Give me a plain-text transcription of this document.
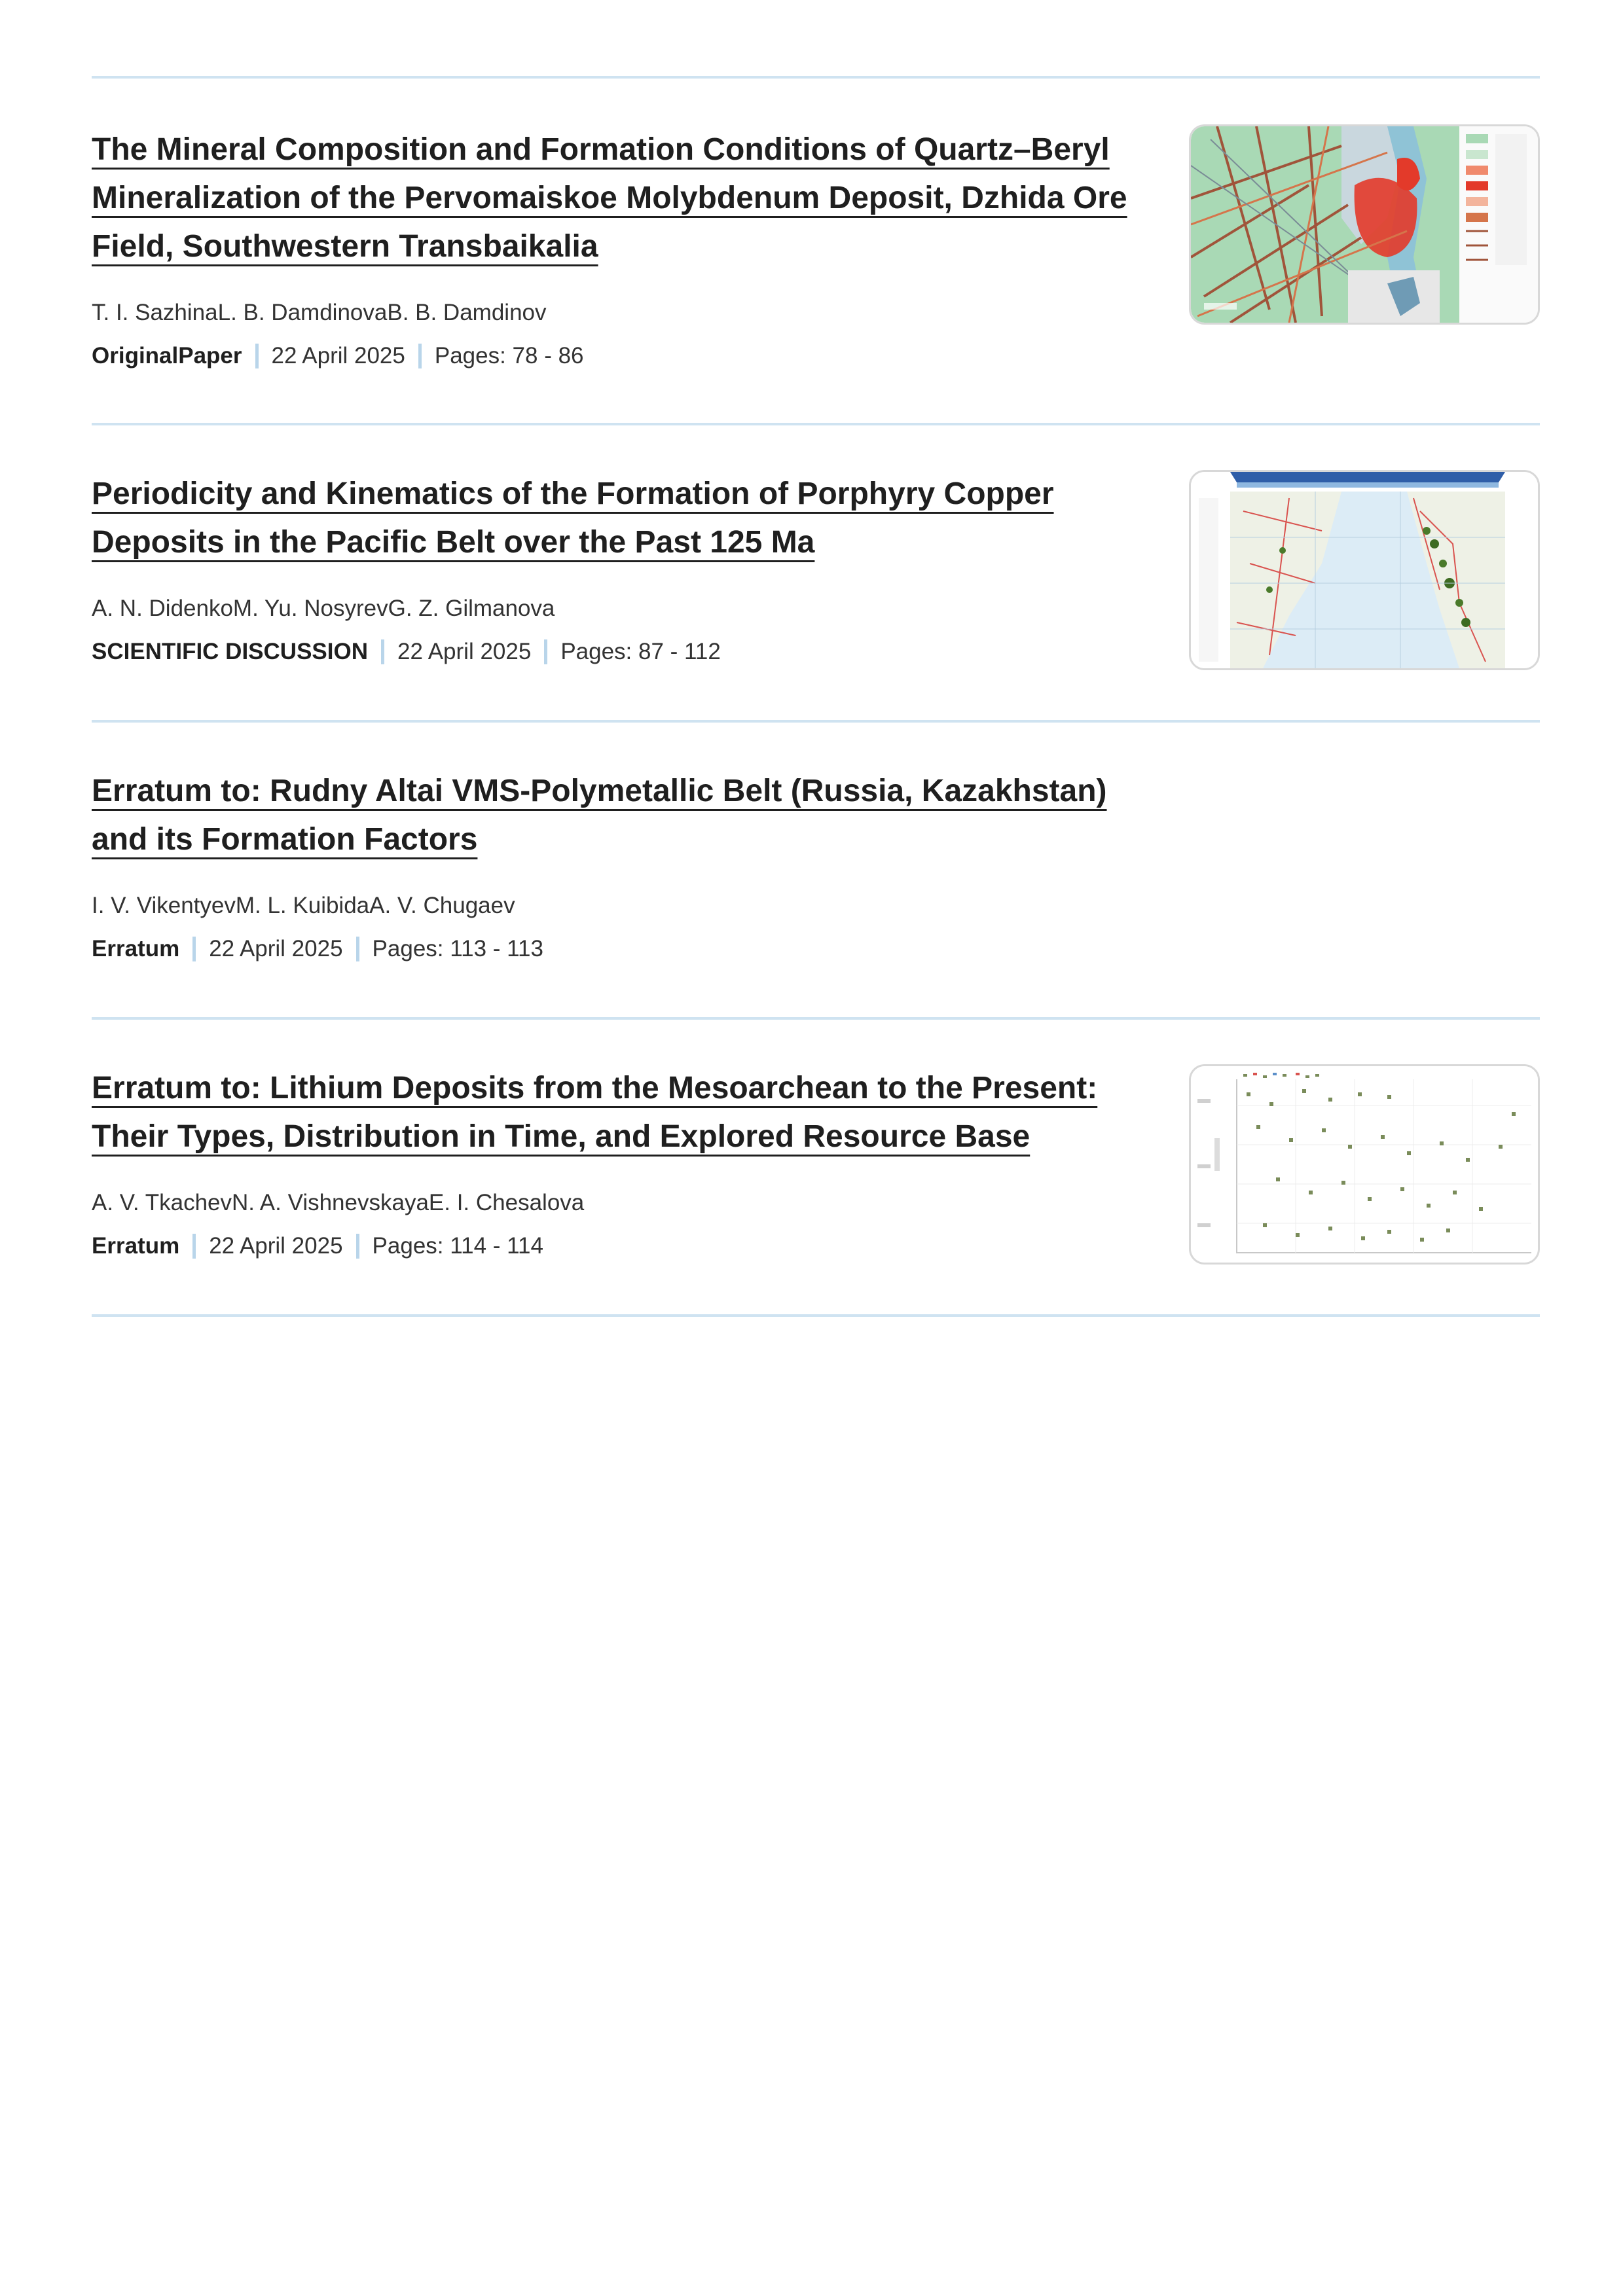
The Mineral Composition and Formation Conditions of Quartz–Beryl Mineralization of the Pervomaiskoe Molybdenum Deposit, Dzhida Ore Field, Southwestern Transbaikalia
T. I. SazhinaL. B. DamdinovaB. B. Damdinov
OriginalPaper 22 April 2025 Pages: 78 - 86
Periodicity and Kinematics of the Formation of Porphyry Copper Deposits in the Pacific Belt over the Past 125 Ma
A. N. DidenkoM. Yu. NosyrevG. Z. Gilmanova
SCIENTIFIC DISCUSSION 22 April 2025 Pages: 87 - 112
Erratum to: Rudny Altai VMS-Polymetallic Belt (Russia, Kazakhstan) and its Formation Factors
I. V. VikentyevM. L. KuibidaA. V. Chugaev
Erratum 22 April 2025 Pages: 113 - 113
Erratum to: Lithium Deposits from the Mesoarchean to the Present: Their Types, Distribution in Time, and Explored Resource Base
A. V. TkachevN. A. VishnevskayaE. I. Chesalova
Erratum 22 April 2025 Pages: 114 - 114
